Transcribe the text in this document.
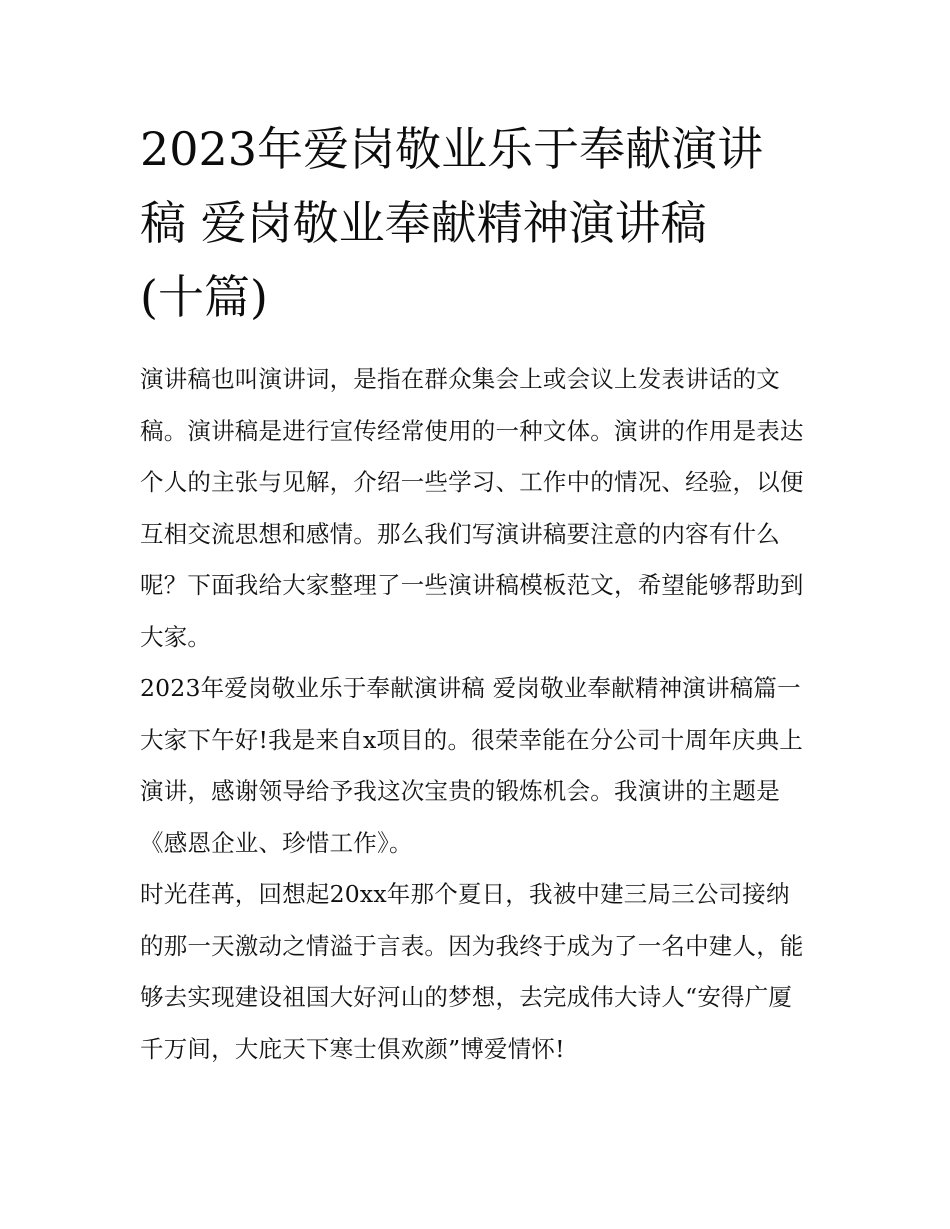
2023年爱岗敬业乐于奉献演讲
稿 爱岗敬业奉献精神演讲稿
(十篇)

演讲稿也叫演讲词，是指在群众集会上或会议上发表讲话的文稿。演讲稿是进行宣传经常使用的一种文体。演讲的作用是表达个人的主张与见解，介绍一些学习、工作中的情况、经验，以便互相交流思想和感情。那么我们写演讲稿要注意的内容有什么呢？下面我给大家整理了一些演讲稿模板范文，希望能够帮助到大家。

2023年爱岗敬业乐于奉献演讲稿 爱岗敬业奉献精神演讲稿篇一

大家下午好!我是来自x项目的。很荣幸能在分公司十周年庆典上演讲，感谢领导给予我这次宝贵的锻炼机会。我演讲的主题是《感恩企业、珍惜工作》。

时光荏苒，回想起20xx年那个夏日，我被中建三局三公司接纳的那一天激动之情溢于言表。因为我终于成为了一名中建人，能够去实现建设祖国大好河山的梦想，去完成伟大诗人“安得广厦千万间，大庇天下寒士俱欢颜”博爱情怀!
